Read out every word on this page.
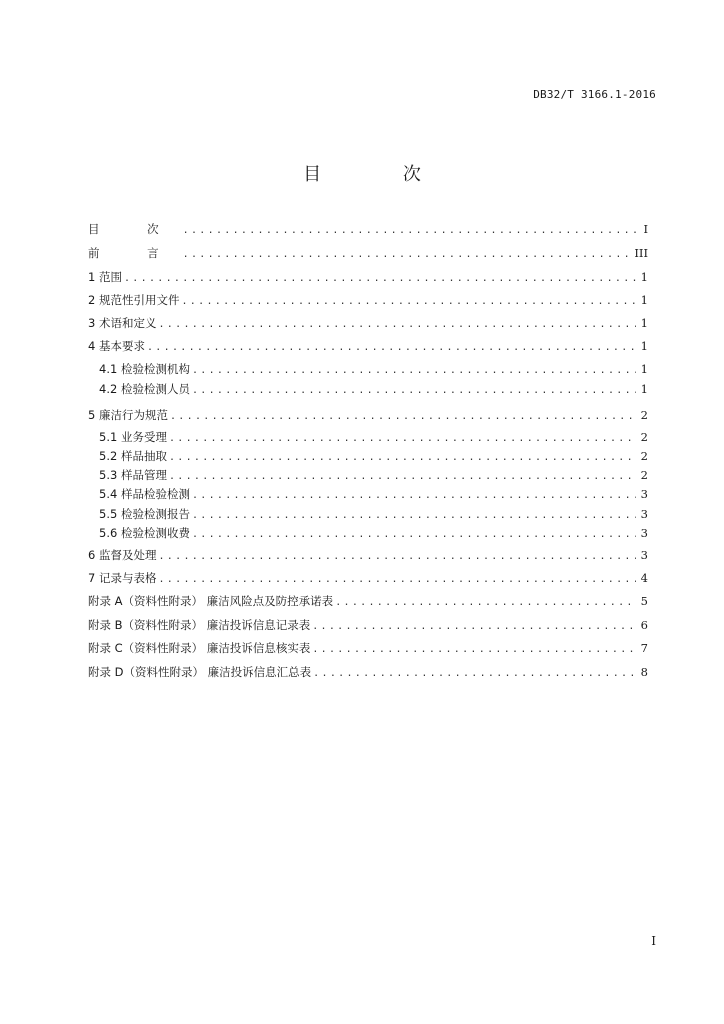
DB32/T 3166.1-2016
目 次
目 次 .....	I
前 言 .....	III
1 范围 .....	1
2 规范性引用文件 .....	1
3 术语和定义 .....	1
4 基本要求 .....	1
4.1 检验检测机构 .....	1
4.2 检验检测人员 .....	1
5 廉洁行为规范 .....	2
5.1 业务受理 .....	2
5.2 样品抽取 .....	2
5.3 样品管理 .....	2
5.4 样品检验检测 .....	3
5.5 检验检测报告 .....	3
5.6 检验检测收费 .....	3
6 监督及处理 .....	3
7 记录与表格 .....	4
附录 A（资料性附录） 廉洁风险点及防控承诺表 .....	5
附录 B（资料性附录） 廉洁投诉信息记录表 .....	6
附录 C（资料性附录） 廉洁投诉信息核实表 .....	7
附录 D（资料性附录） 廉洁投诉信息汇总表 .....	8
I
